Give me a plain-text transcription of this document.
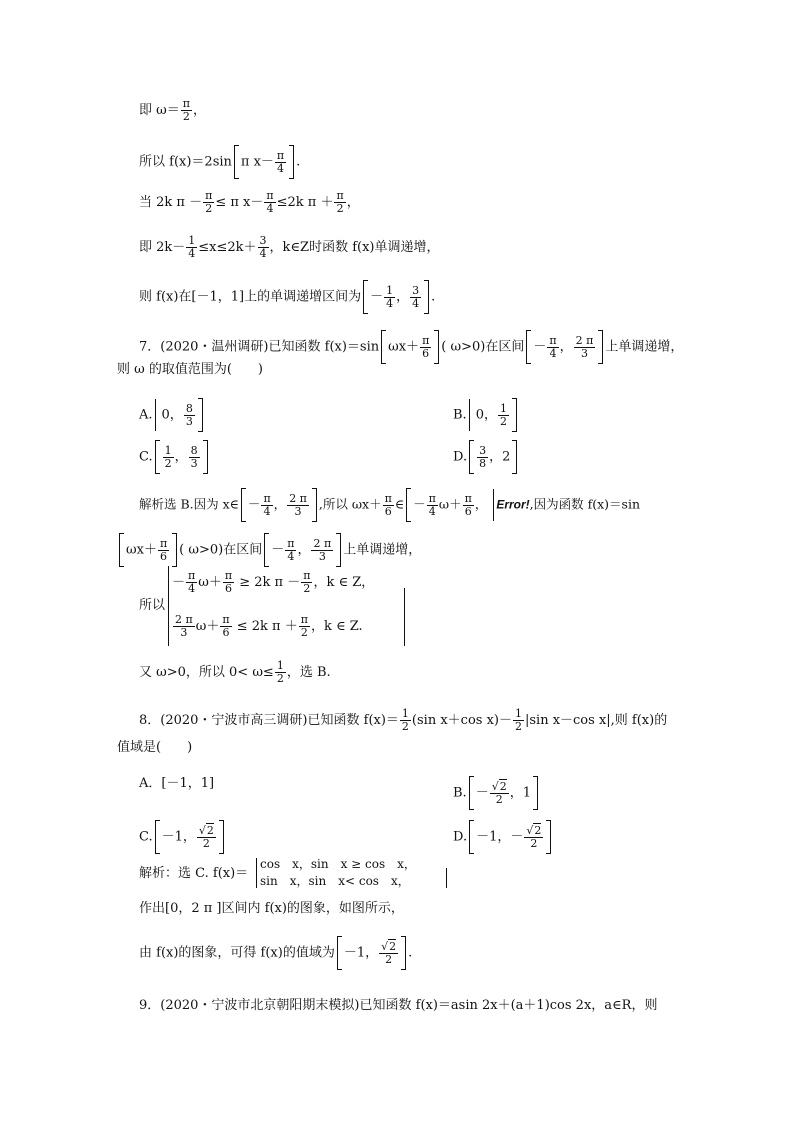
即 $\omega= \frac{\pi}{2}$ ，
所以 f(x)＝2sin π $x- \frac{\pi}{4}$ .
当 2k $\pi - \frac{\pi}{2} \le \pi$ $x- \frac{\pi}{4} \le 2k$ $\pi + \frac{\pi}{2}$ ，
即 $2k- \frac{1}{4} \le x\le 2k+ \frac{3}{4}$ ，k∈Z时函数 f(x)单调递增，
则 f(x)在[－1，1]上的单调递增区间为 － $\frac{1}{4}$ ， $\frac{3}{4}$ .
7．(2020・温州调研)已知函数 f(x)＝sin $\omega x+ \frac{\pi}{6}$ ( ω>0)在区间 － $\frac{\pi}{4}$ ， $\frac{2 \pi}{3}$ 上单调递增，
则 ω 的取值范围为(　　)
A. 0， $\frac{8}{3}$	B. 0， $\frac{1}{2}$
C. $\frac{1}{2}$ ， $\frac{8}{3}$	D. $\frac{3}{8}$ ，2
解析选 B.因为 x∈ － $\frac{\pi}{4}$ ， $\frac{2 \pi}{3}$ ,所以 $\omega x+ \frac{\pi}{6}$ ∈ － $\frac{\pi}{4} \omega+ \frac{\pi}{6}$ ， Error!,因为函数 f(x)＝sin
$\omega x+ \frac{\pi}{6}$ ( ω>0)在区间 － $\frac{\pi}{4}$ ， $\frac{2 \pi}{3}$ 上单调递增，
所以
－ $\frac{\pi}{4} \omega+ \frac{\pi}{6} \ge 2k$ $\pi - \frac{\pi}{2}$ ，k ∈ Z，
$\frac{2 \pi}{3} \omega+ \frac{\pi}{6} \le 2k$ $\pi + \frac{\pi}{2}$ ，k ∈ Z.
又 ω>0，所以 $0< \omega\le \frac{1}{2}$ ，选 B.
8．(2020・宁波市高三调研)已知函数 $f(x)= \frac{1}{2} (\sin$ x＋cos $x)- \frac{1}{2} |\sin$ x－cos x|,则 f(x)的
值域是(　　)
A．[－1，1]
B. － $\frac{√2}{2}$ ，1
C. －1， $\frac{√2}{2}$	D. －1，－ $\frac{√2}{2}$
解析：选 C. f(x)＝
cos　x，sin　x ≥ cos　x，
sin　x，sin　x< cos　x，
作出[0，2 π ]区间内 f(x)的图象，如图所示，
由 f(x)的图象，可得 f(x)的值域为 －1， $\frac{√2}{2}$ .
9．(2020・宁波市北京朝阳期末模拟)已知函数 f(x)＝asin 2x＋(a＋1)cos 2x，a∈R，则
